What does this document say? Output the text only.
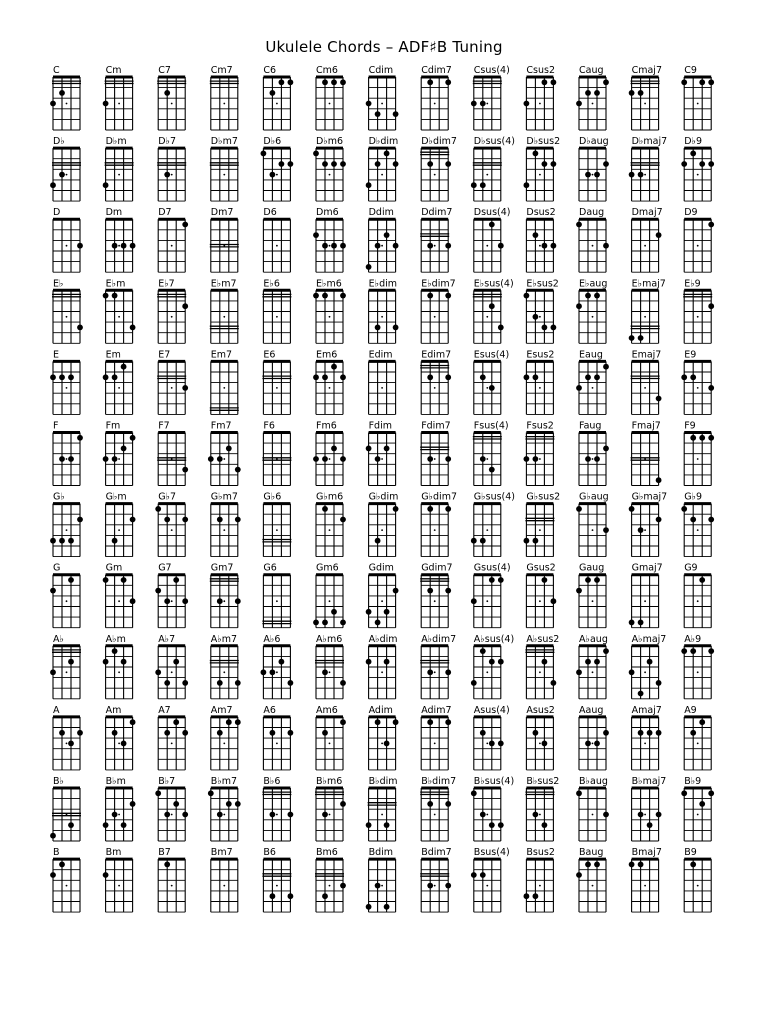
Ukulele Chords – ADF♯B Tuning
C	Cm	C7	Cm7	C6	Cm6	Cdim	Cdim7 Csus(4) Csus2	Caug	Cmaj7 C9
D♭	D♭m	D♭7	D♭m7	D♭6	D♭m6	D♭dim D♭dim7 D♭sus(4) D♭sus2 D♭aug D♭maj7 D♭9
D	Dm	D7	Dm7	D6	Dm6	Ddim	Ddim7 Dsus(4) Dsus2 Daug	Dmaj7 D9
E♭	E♭m	E♭7	E♭m7	E♭6	E♭m6	E♭dim	E♭dim7 E♭sus(4) E♭sus2 E♭aug	E♭maj7 E♭9
E	Em	E7	Em7	E6	Em6	Edim	Edim7 Esus(4) Esus2	Eaug	Emaj7 E9
F	Fm	F7	Fm7	F6	Fm6	Fdim	Fdim7 Fsus(4) Fsus2	Faug	Fmaj7 F9
G♭	G♭m	G♭7	G♭m7	G♭6	G♭m6	G♭dim G♭dim7 G♭sus(4) G♭sus2 G♭aug G♭maj7 G♭9
G	Gm	G7	Gm7	G6	Gm6	Gdim	Gdim7 Gsus(4) Gsus2 Gaug	Gmaj7 G9
A♭	A♭m	A♭7	A♭m7	A♭6	A♭m6	A♭dim A♭dim7 A♭sus(4) A♭sus2 A♭aug A♭maj7 A♭9
A	Am	A7	Am7	A6	Am6	Adim	Adim7 Asus(4) Asus2	Aaug	Amaj7 A9
B♭	B♭m	B♭7	B♭m7	B♭6	B♭m6	B♭dim B♭dim7 B♭sus(4) B♭sus2 B♭aug B♭maj7 B♭9
B	Bm	B7	Bm7	B6	Bm6	Bdim	Bdim7 Bsus(4) Bsus2	Baug	Bmaj7 B9
